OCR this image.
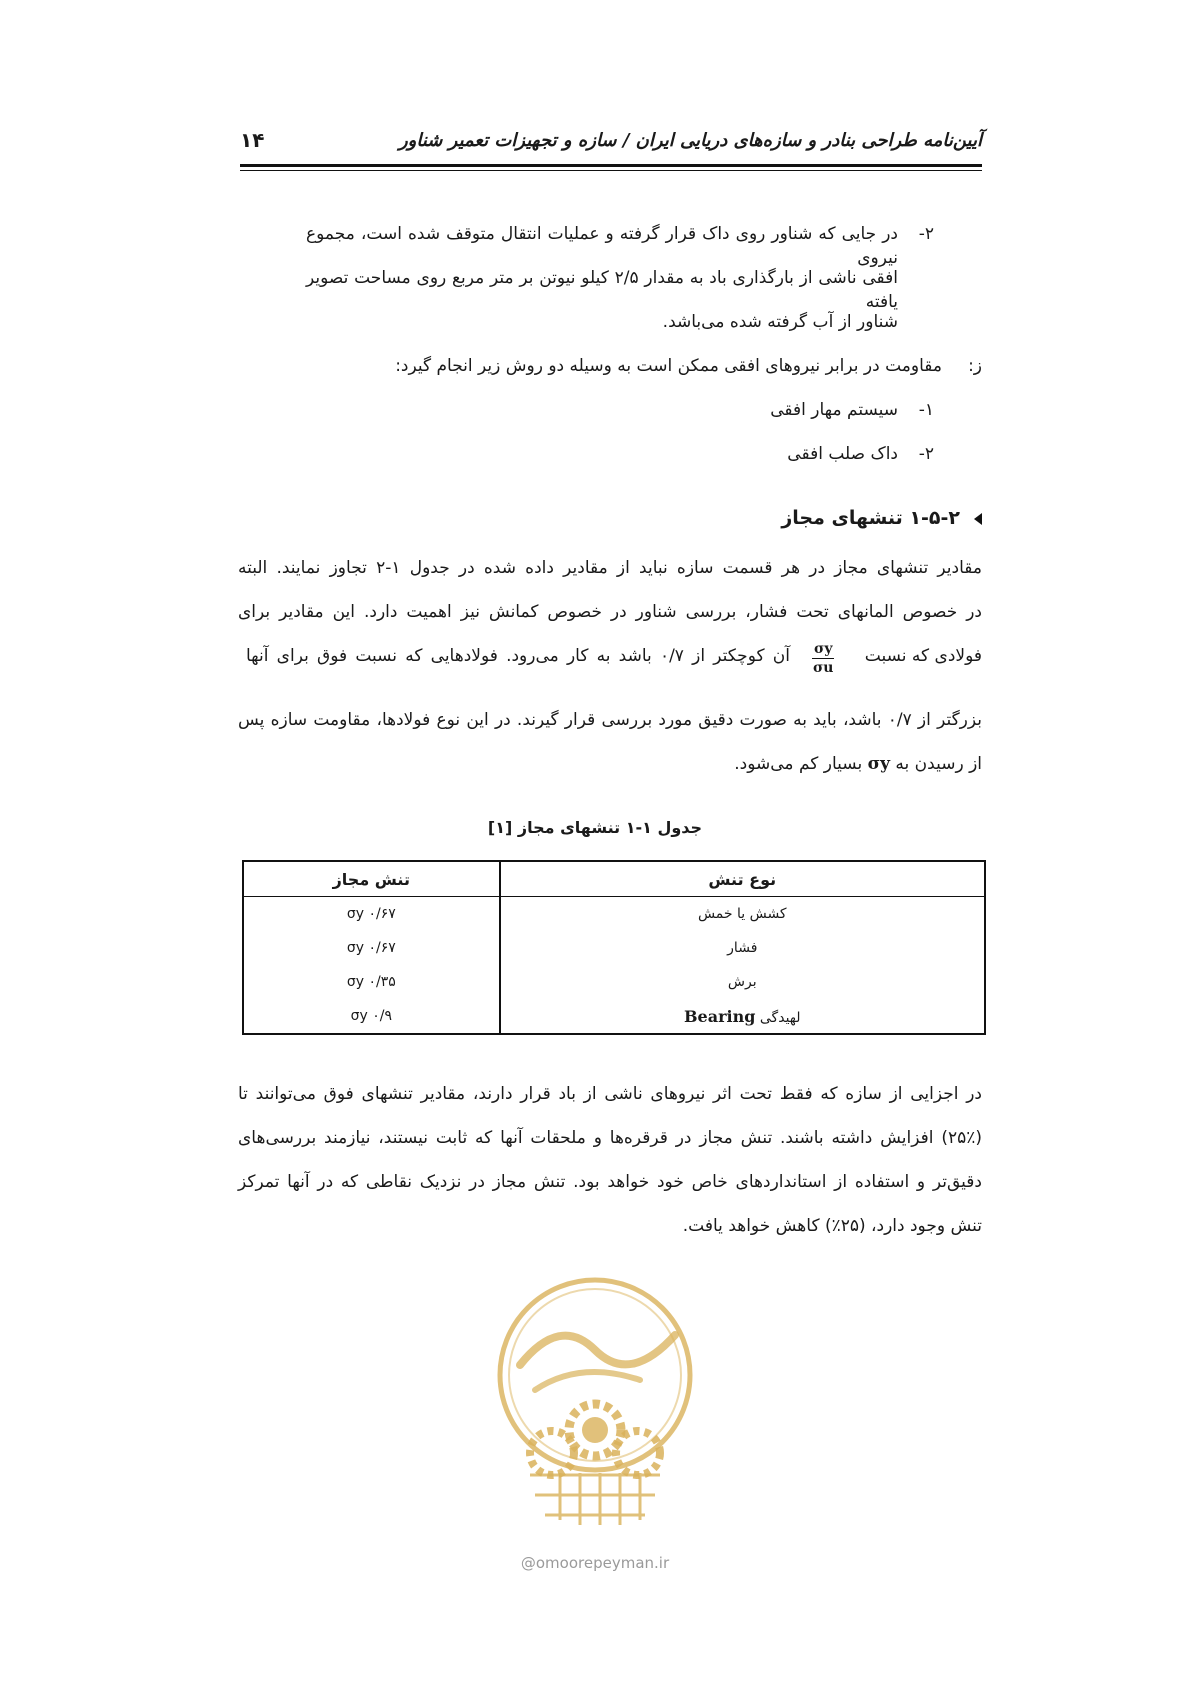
آیین‌نامه طراحی بنادر و سازه‌های دریایی ایران / سازه و تجهیزات تعمیر شناور
۱۴
۲-
در جایی که شناور روی داک قرار گرفته و عملیات انتقال متوقف شده است، مجموع نیروی
افقی ناشی از بارگذاری باد به مقدار ۲/۵ کیلو نیوتن بر متر مربع روی مساحت تصویر یافته
شناور از آب گرفته شده می‌باشد.
ز:
مقاومت در برابر نیروهای افقی ممکن است به وسیله دو روش زیر انجام گیرد:
۱-
سیستم مهار افقی
۲-
داک صلب افقی
۱-۵-۲ تنشهای مجاز
مقادیر تنشهای مجاز در هر قسمت سازه نباید از مقادیر داده شده در جدول ۱-۲ تجاوز نمایند. البته
در خصوص المانهای تحت فشار، بررسی شناور در خصوص کمانش نیز اهمیت دارد. این مقادیر برای
فولادی که نسبت
$\frac{\sigma y}{\sigma u}$
آن کوچکتر از ۰/۷ باشد به کار می‌رود. فولادهایی که نسبت فوق برای آنها
بزرگتر از ۰/۷ باشد، باید به صورت دقیق مورد بررسی قرار گیرند. در این نوع فولادها، مقاومت سازه پس
از رسیدن به σy بسیار کم می‌شود.
جدول ۱-۱ تنشهای مجاز [۱]
نوع تنش	تنش مجاز
کشش یا خمش	۰/۶۷ σy
فشار	۰/۶۷ σy
برش	۰/۳۵ σy
لهیدگی Bearing	۰/۹ σy
در اجزایی از سازه که فقط تحت اثر نیروهای ناشی از باد قرار دارند، مقادیر تنشهای فوق می‌توانند تا
(۲۵٪) افزایش داشته باشند. تنش مجاز در قرقره‌ها و ملحقات آنها که ثابت نیستند، نیازمند بررسی‌های
دقیق‌تر و استفاده از استانداردهای خاص خود خواهد بود. تنش مجاز در نزدیک نقاطی که در آنها تمرکز
تنش وجود دارد، (۲۵٪) کاهش خواهد یافت.
@omoorepeyman.ir
